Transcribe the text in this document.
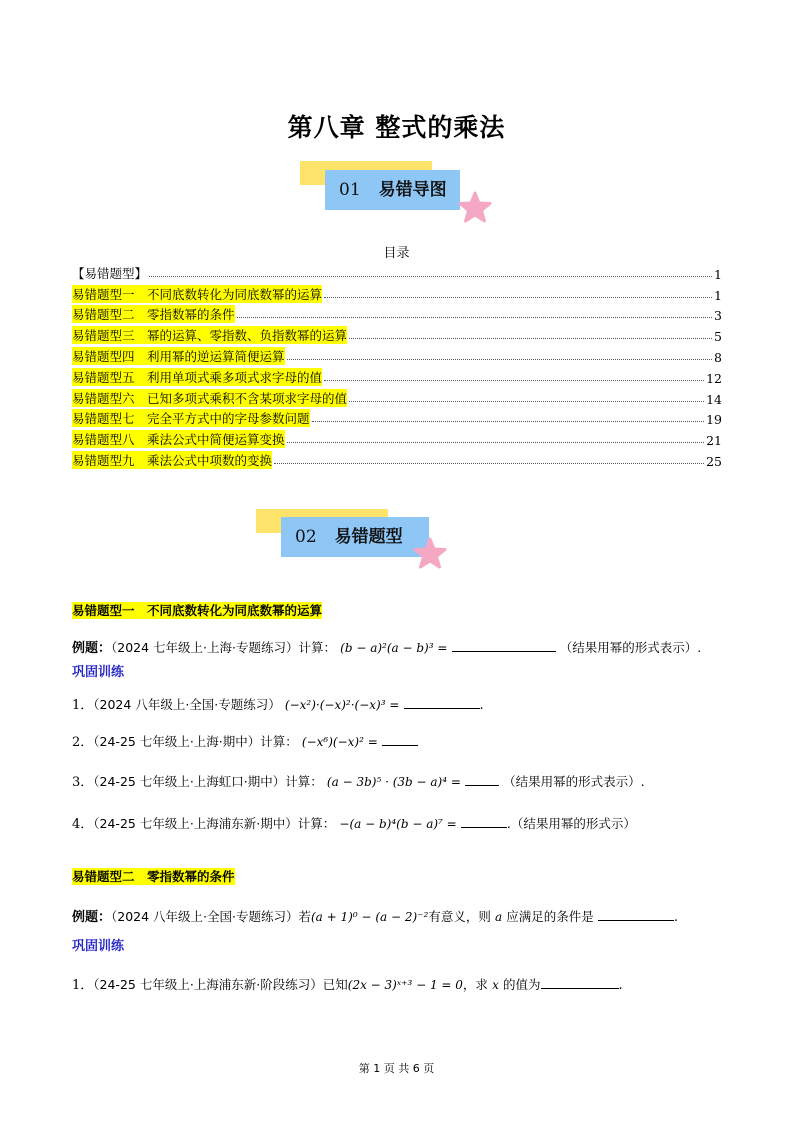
第八章 整式的乘法
01 易错导图
目录
【易错题型】	1
易错题型一　不同底数转化为同底数幂的运算	1
易错题型二　零指数幂的条件	3
易错题型三　幂的运算、零指数、负指数幂的运算	5
易错题型四　利用幂的逆运算简便运算	8
易错题型五　利用单项式乘多项式求字母的值	12
易错题型六　已知多项式乘积不含某项求字母的值	14
易错题型七　完全平方式中的字母参数问题	19
易错题型八　乘法公式中简便运算变换	21
易错题型九　乘法公式中项数的变换	25
02 易错题型
易错题型一　不同底数转化为同底数幂的运算
例题：（2024 七年级上·上海·专题练习）计算： (b − a)²(a − b)³ =	（结果用幂的形式表示）.
巩固训练
1．（2024 八年级上·全国·专题练习） (−x²)·(−x)²·(−x)³ =	.
2．（24-25 七年级上·上海·期中）计算： (−x⁶)(−x)² =
3．（24-25 七年级上·上海虹口·期中）计算： (a − 3b)⁵ · (3b − a)⁴ =	（结果用幂的形式表示）.
4．（24-25 七年级上·上海浦东新·期中）计算： −(a − b)⁴(b − a)⁷ =	.（结果用幂的形式示）
易错题型二　零指数幂的条件
例题：（2024 八年级上·全国·专题练习）若(a + 1)⁰ − (a − 2)⁻²有意义，则 a 应满足的条件是	.
巩固训练
1．（24-25 七年级上·上海浦东新·阶段练习）已知(2x − 3)ˣ⁺³ − 1 = 0，求 x 的值为	.
第 1 页 共 6 页
